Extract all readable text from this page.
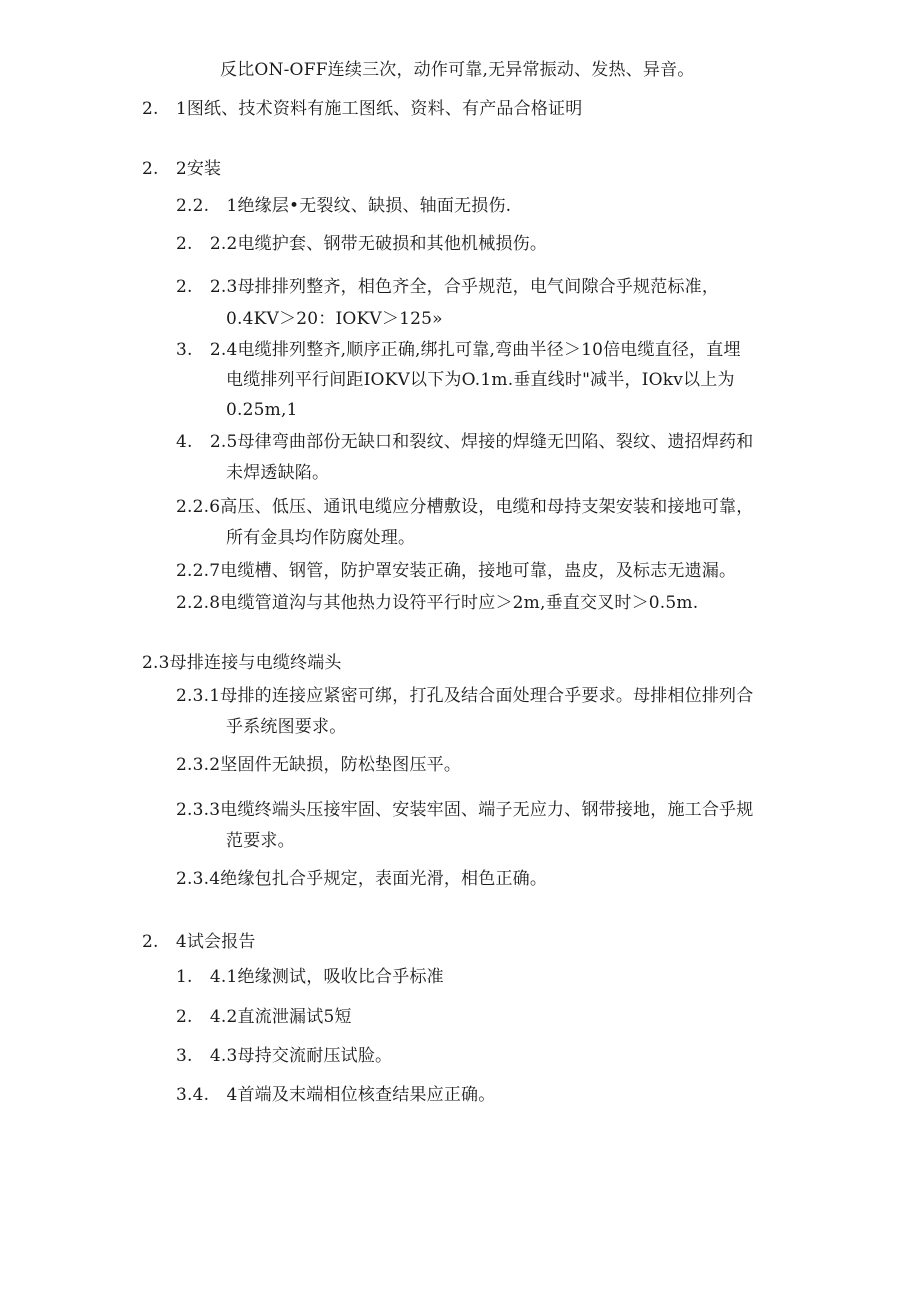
反比ON-OFF连续三次，动作可靠,无异常振动、发热、异音。
2.　1图纸、技术资料有施工图纸、资料、有产品合格证明
2.　2安装
2.2.　1绝缘层•无裂纹、缺损、轴面无损伤.
2.　2.2电缆护套、钢带无破损和其他机械损伤。
2.　2.3母排排列整齐，相色齐全，合乎规范，电气间隙合乎规范标准，
0.4KV＞20：IOKV＞125»
3.　2.4电缆排列整齐,顺序正确,绑扎可靠,弯曲半径＞10倍电缆直径，直埋
电缆排列平行间距IOKV以下为O.1m.垂直线时"减半，IOkv以上为
0.25m,1
4.　2.5母律弯曲部份无缺口和裂纹、焊接的焊缝无凹陷、裂纹、遗招焊药和
未焊透缺陷。
2.2.6高压、低压、通讯电缆应分槽敷设，电缆和母持支架安装和接地可靠，
所有金具均作防腐处理。
2.2.7电缆槽、钢管，防护罩安装正确，接地可靠，蛊皮，及标志无遗漏。
2.2.8电缆管道沟与其他热力设符平行时应＞2m,垂直交叉时＞0.5m.
2.3母排连接与电缆终端头
2.3.1母排的连接应紧密可绑，打孔及结合面处理合乎要求。母排相位排列合
乎系统图要求。
2.3.2坚固件无缺损，防松垫图压平。
2.3.3电缆终端头压接牢固、安装牢固、端子无应力、钢带接地，施工合乎规
范要求。
2.3.4绝缘包扎合乎规定，表面光滑，相色正确。
2.　4试会报告
1.　4.1绝缘测试，吸收比合乎标准
2.　4.2直流泄漏试5短
3.　4.3母持交流耐压试脸。
3.4.　4首端及末端相位核查结果应正确。
